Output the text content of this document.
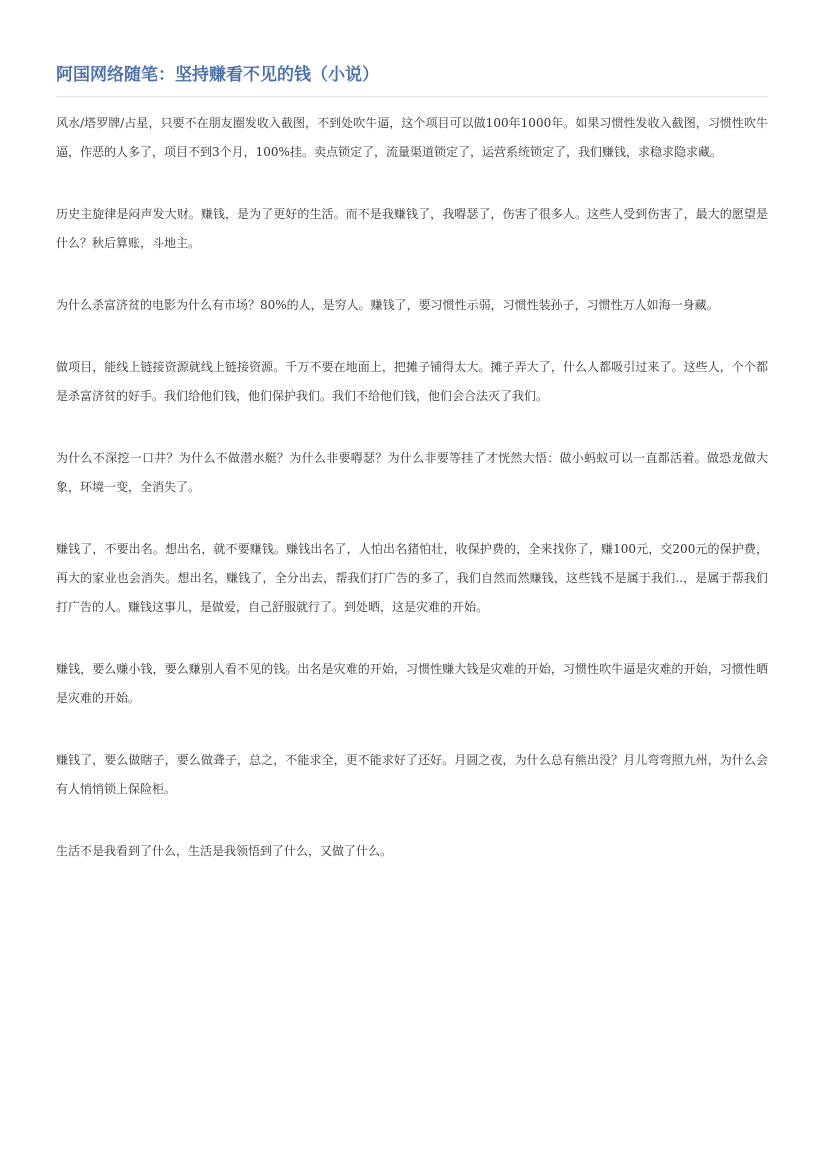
阿国网络随笔：坚持赚看不见的钱（小说）

风水/塔罗牌/占星，只要不在朋友圈发收入截图，不到处吹牛逼，这个项目可以做100年1000年。如果习惯性发收入截图，习惯性吹牛逼，作恶的人多了，项目不到3个月，100%挂。卖点锁定了，流量渠道锁定了，运营系统锁定了，我们赚钱，求稳求隐求藏。

历史主旋律是闷声发大财。赚钱，是为了更好的生活。而不是我赚钱了，我嘚瑟了，伤害了很多人。这些人受到伤害了，最大的愿望是什么？秋后算账，斗地主。

为什么杀富济贫的电影为什么有市场？80%的人，是穷人。赚钱了，要习惯性示弱，习惯性装孙子，习惯性万人如海一身藏。

做项目，能线上链接资源就线上链接资源。千万不要在地面上，把摊子铺得太大。摊子弄大了，什么人都吸引过来了。这些人，个个都是杀富济贫的好手。我们给他们钱，他们保护我们。我们不给他们钱，他们会合法灭了我们。

为什么不深挖一口井？为什么不做潜水艇？为什么非要嘚瑟？为什么非要等挂了才恍然大悟：做小蚂蚁可以一直都活着。做恐龙做大象，环境一变，全消失了。

赚钱了，不要出名。想出名，就不要赚钱。赚钱出名了，人怕出名猪怕壮，收保护费的，全来找你了，赚100元，交200元的保护费，再大的家业也会消失。想出名，赚钱了，全分出去，帮我们打广告的多了，我们自然而然赚钱，这些钱不是属于我们..，是属于帮我们打广告的人。赚钱这事儿，是做爱，自己舒服就行了。到处晒，这是灾难的开始。

赚钱，要么赚小钱，要么赚别人看不见的钱。出名是灾难的开始，习惯性赚大钱是灾难的开始，习惯性吹牛逼是灾难的开始，习惯性晒是灾难的开始。

赚钱了，要么做瞎子，要么做聋子，总之，不能求全，更不能求好了还好。月圆之夜，为什么总有熊出没？月儿弯弯照九州，为什么会有人悄悄锁上保险柜。

生活不是我看到了什么，生活是我领悟到了什么，又做了什么。
